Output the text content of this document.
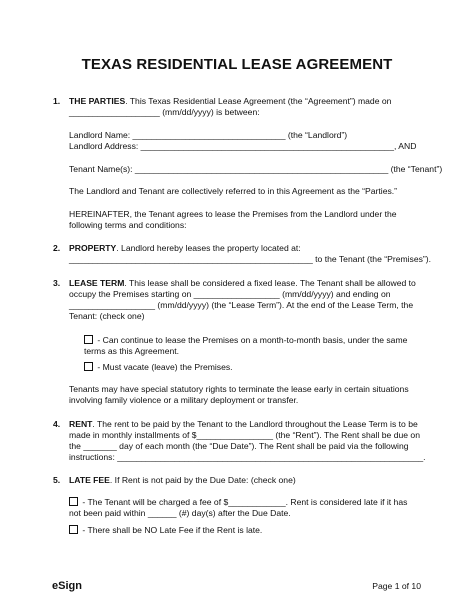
TEXAS RESIDENTIAL LEASE AGREEMENT
1. THE PARTIES. This Texas Residential Lease Agreement (the “Agreement”) made on
___________________ (mm/dd/yyyy) is between:
Landlord Name: ________________________________ (the “Landlord”)
Landlord Address: _____________________________________________________, AND
Tenant Name(s): _____________________________________________________ (the “Tenant”)
The Landlord and Tenant are collectively referred to in this Agreement as the “Parties.”
HEREINAFTER, the Tenant agrees to lease the Premises from the Landlord under the
following terms and conditions:
2. PROPERTY. Landlord hereby leases the property located at:
___________________________________________________ to the Tenant (the “Premises”).
3. LEASE TERM. This lease shall be considered a fixed lease. The Tenant shall be allowed to
occupy the Premises starting on __________________ (mm/dd/yyyy) and ending on
__________________ (mm/dd/yyyy) (the “Lease Term”). At the end of the Lease Term, the
Tenant: (check one)
- Can continue to lease the Premises on a month-to-month basis, under the same
terms as this Agreement.
- Must vacate (leave) the Premises.
Tenants may have special statutory rights to terminate the lease early in certain situations
involving family violence or a military deployment or transfer.
4. RENT. The rent to be paid by the Tenant to the Landlord throughout the Lease Term is to be
made in monthly installments of $________________ (the “Rent”). The Rent shall be due on
the _______ day of each month (the “Due Date”). The Rent shall be paid via the following
instructions: ________________________________________________________________.
5. LATE FEE. If Rent is not paid by the Due Date: (check one)
- The Tenant will be charged a fee of $____________. Rent is considered late if it has
not been paid within ______ (#) day(s) after the Due Date.
- There shall be NO Late Fee if the Rent is late.
eSign	Page 1 of 10
